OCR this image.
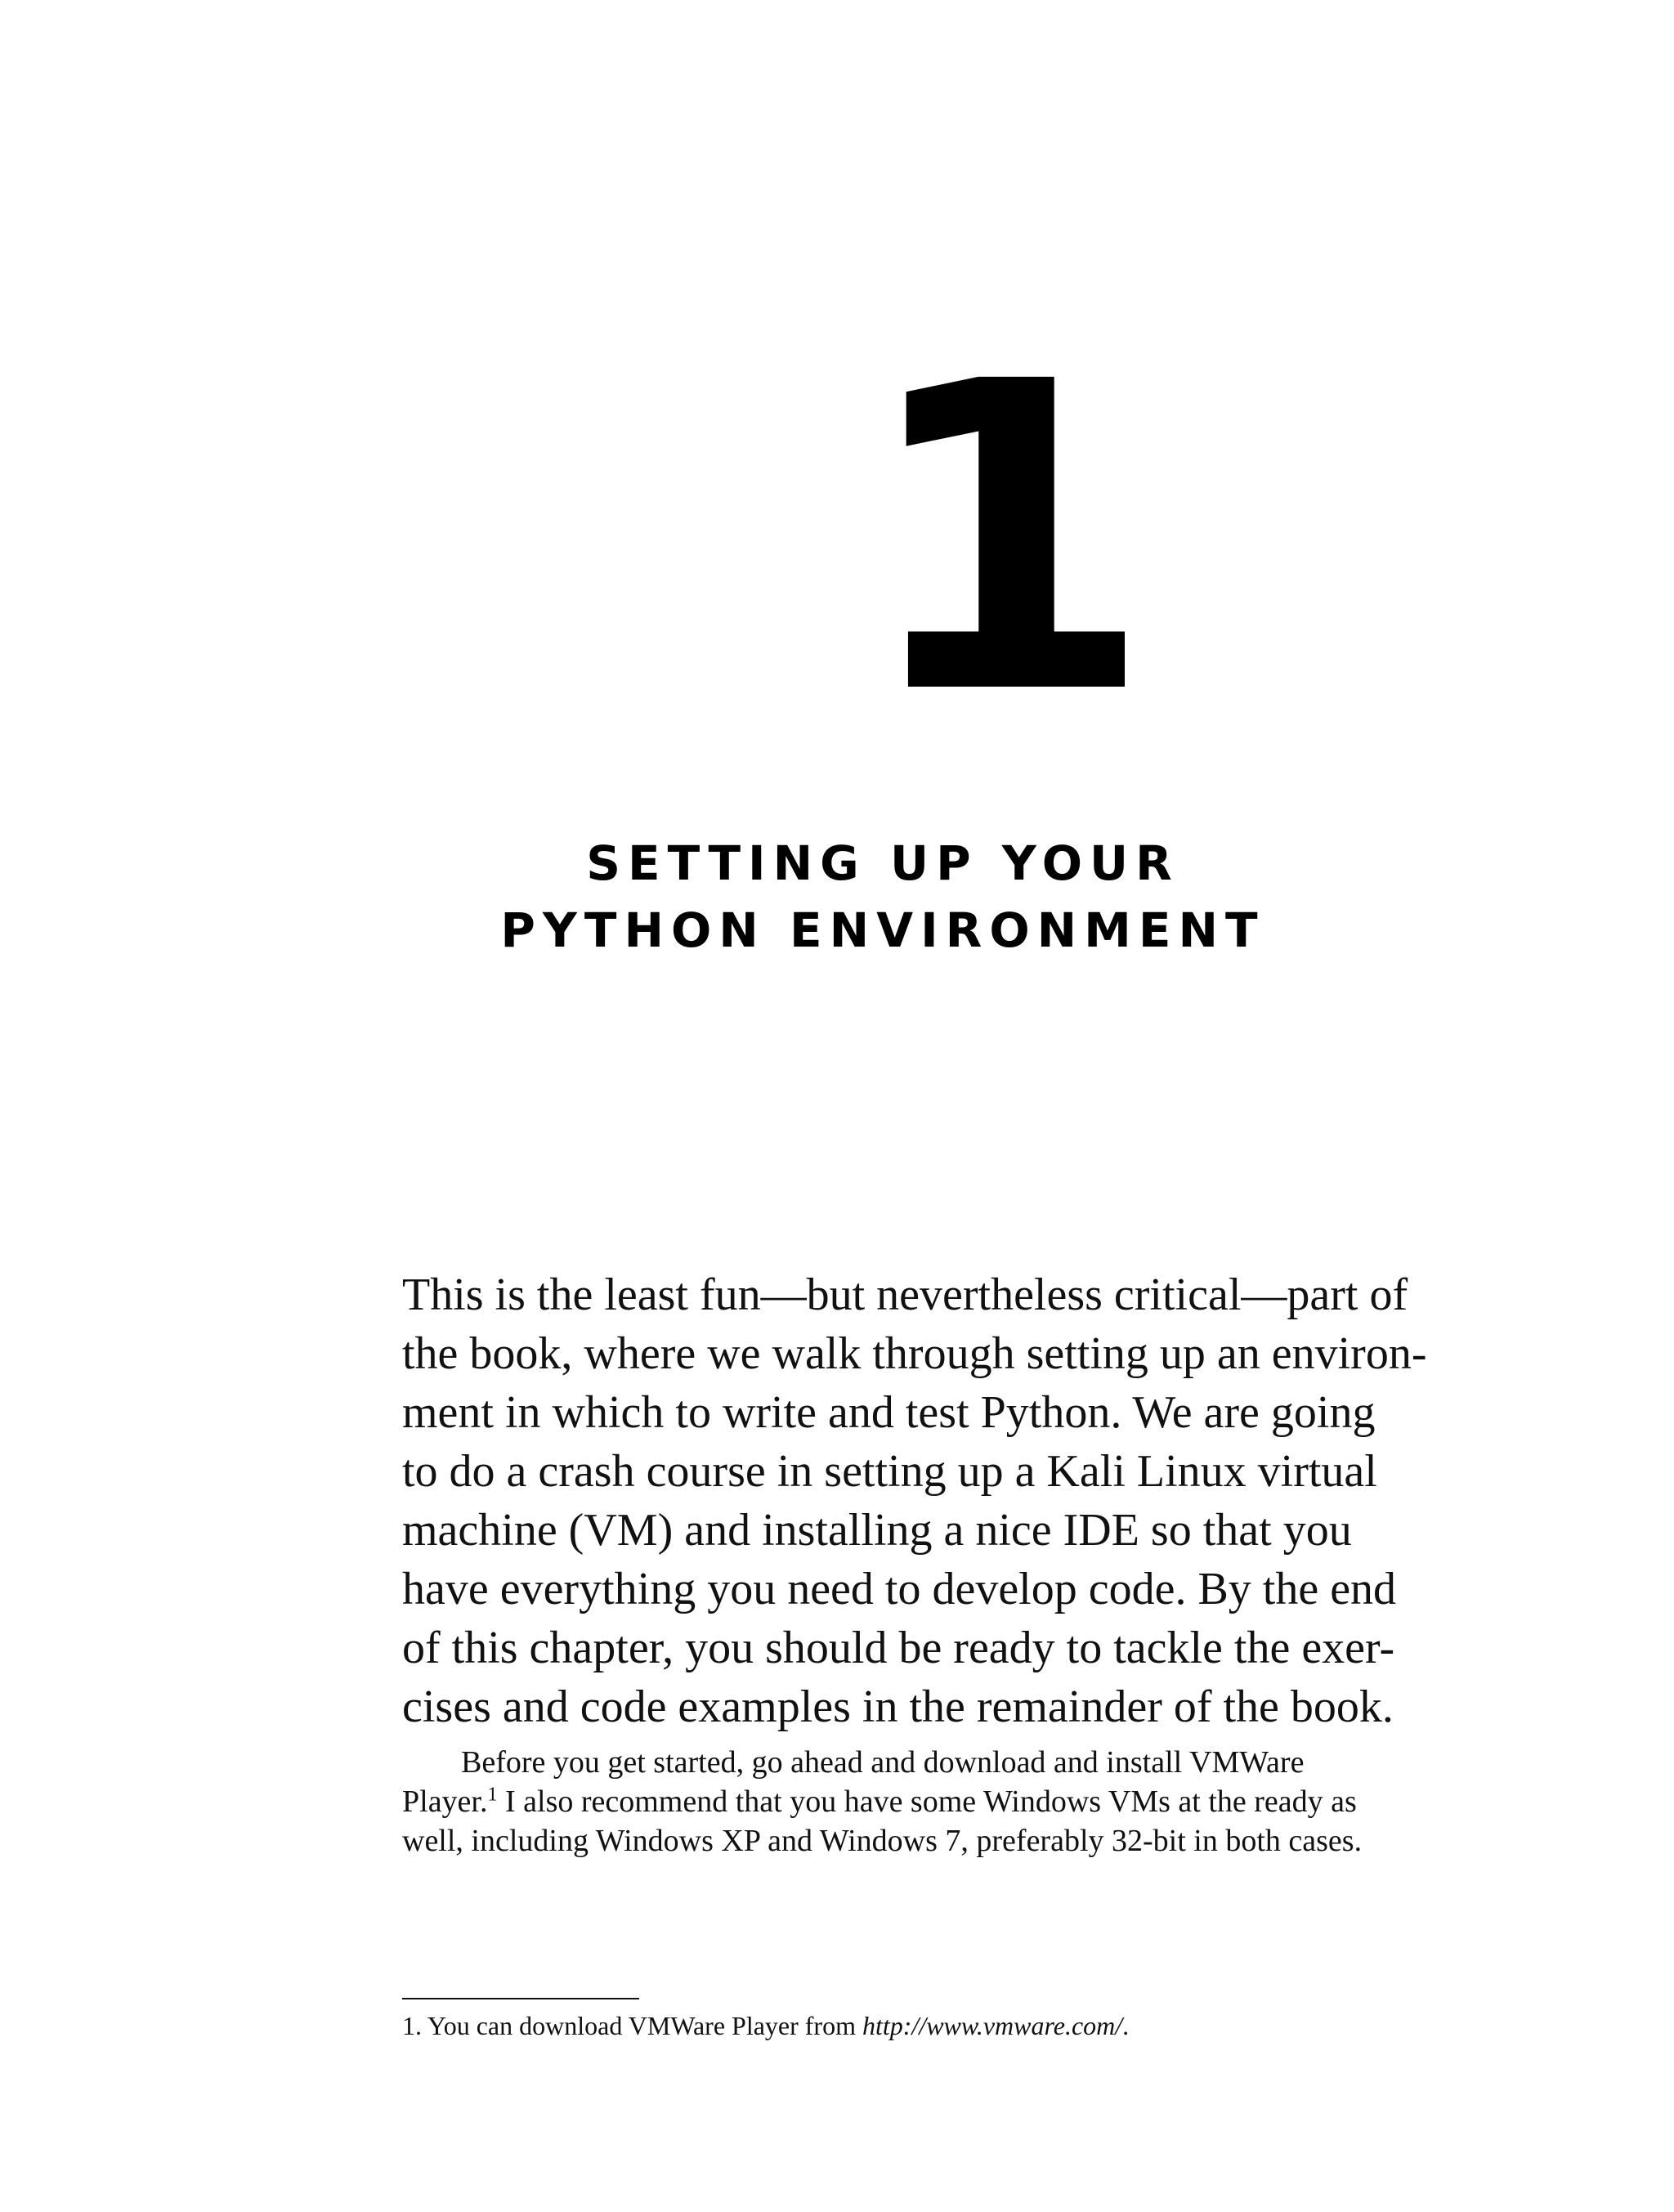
1
SETTING UP YOUR
PYTHON ENVIRONMENT
This is the least fun—but nevertheless critical—part of
the book, where we walk through setting up an environ-
ment in which to write and test Python. We are going
to do a crash course in setting up a Kali Linux virtual
machine (VM) and installing a nice IDE so that you
have everything you need to develop code. By the end
of this chapter, you should be ready to tackle the exer-
cises and code examples in the remainder of the book.
Before you get started, go ahead and download and install VMWare
Player.$^1$ I also recommend that you have some Windows VMs at the ready as
well, including Windows XP and Windows 7, preferably 32-bit in both cases.
1. You can download VMWare Player from http://www.vmware.com/.
